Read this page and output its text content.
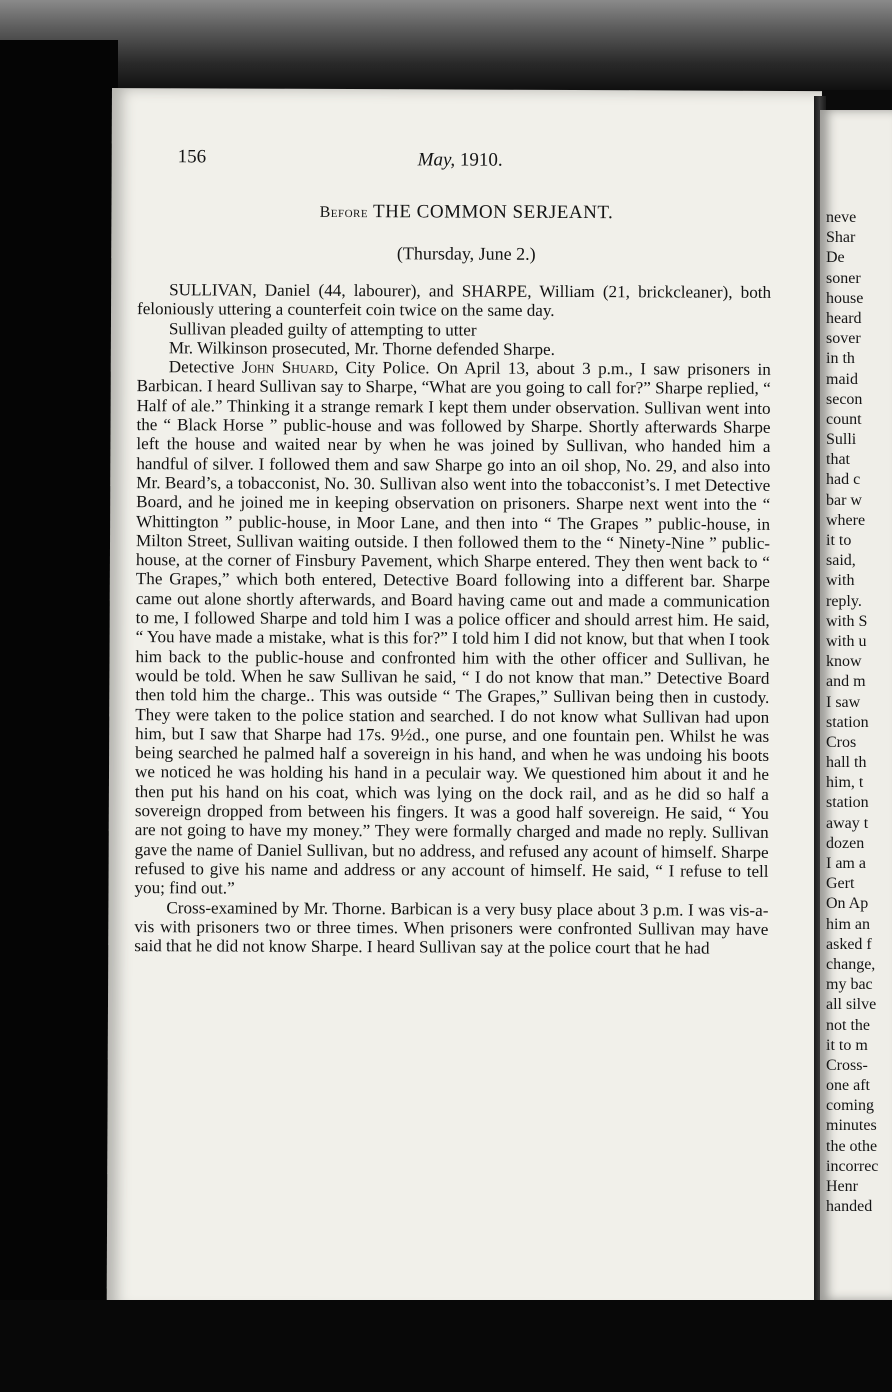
156	May, 1910.
Before THE COMMON SERJEANT.
(Thursday, June 2.)

SULLIVAN, Daniel (44, labourer), and SHARPE, William (21, brickcleaner), both feloniously uttering a counterfeit coin twice on the same day.

Sullivan pleaded guilty of attempting to utter

Mr. Wilkinson prosecuted, Mr. Thorne defended Sharpe.

Detective John Shuard, City Police. On April 13, about 3 p.m., I saw prisoners in Barbican. I heard Sullivan say to Sharpe, “What are you going to call for?” Sharpe replied, “ Half of ale.” Thinking it a strange remark I kept them under observation. Sullivan went into the “ Black Horse ” public-house and was followed by Sharpe. Shortly afterwards Sharpe left the house and waited near by when he was joined by Sullivan, who handed him a handful of silver. I followed them and saw Sharpe go into an oil shop, No. 29, and also into Mr. Beard’s, a tobacconist, No. 30. Sullivan also went into the tobacconist’s. I met Detective Board, and he joined me in keeping observation on prisoners. Sharpe next went into the “ Whittington ” public-house, in Moor Lane, and then into “ The Grapes ” public-house, in Milton Street, Sullivan waiting outside. I then followed them to the “ Ninety-Nine ” public-house, at the corner of Finsbury Pavement, which Sharpe entered. They then went back to “ The Grapes,” which both entered, Detective Board following into a different bar. Sharpe came out alone shortly afterwards, and Board having came out and made a communication to me, I followed Sharpe and told him I was a police officer and should arrest him. He said, “ You have made a mistake, what is this for?” I told him I did not know, but that when I took him back to the public-house and confronted him with the other officer and Sullivan, he would be told. When he saw Sullivan he said, “ I do not know that man.” Detective Board then told him the charge.. This was outside “ The Grapes,” Sullivan being then in custody. They were taken to the police station and searched. I do not know what Sullivan had upon him, but I saw that Sharpe had 17s. 9½d., one purse, and one fountain pen. Whilst he was being searched he palmed half a sovereign in his hand, and when he was undoing his boots we noticed he was holding his hand in a peculair way. We questioned him about it and he then put his hand on his coat, which was lying on the dock rail, and as he did so half a sovereign dropped from between his fingers. It was a good half sovereign. He said, “ You are not going to have my money.” They were formally charged and made no reply. Sullivan gave the name of Daniel Sullivan, but no address, and refused any acount of himself. Sharpe refused to give his name and address or any account of himself. He said, “ I refuse to tell you; find out.”

Cross-examined by Mr. Thorne. Barbican is a very busy place about 3 p.m. I was vis-a-vis with prisoners two or three times. When prisoners were confronted Sullivan may have said that he did not know Sharpe. I heard Sullivan say at the police court that he had

neve
Shar
De
soner
house
heard
sover
in th
maid
secon
count
Sulli
that
had c
bar w
where
it to
said,
with
reply.
with S
with u
know
and m
I saw
station
Cros
hall th
him, t
station
away t
dozen
I am a
Gert
On Ap
him an
asked f
change,
my bac
all silve
not the
it to m
Cross-
one aft
coming
minutes
the othe
incorrec
Henr
handed
